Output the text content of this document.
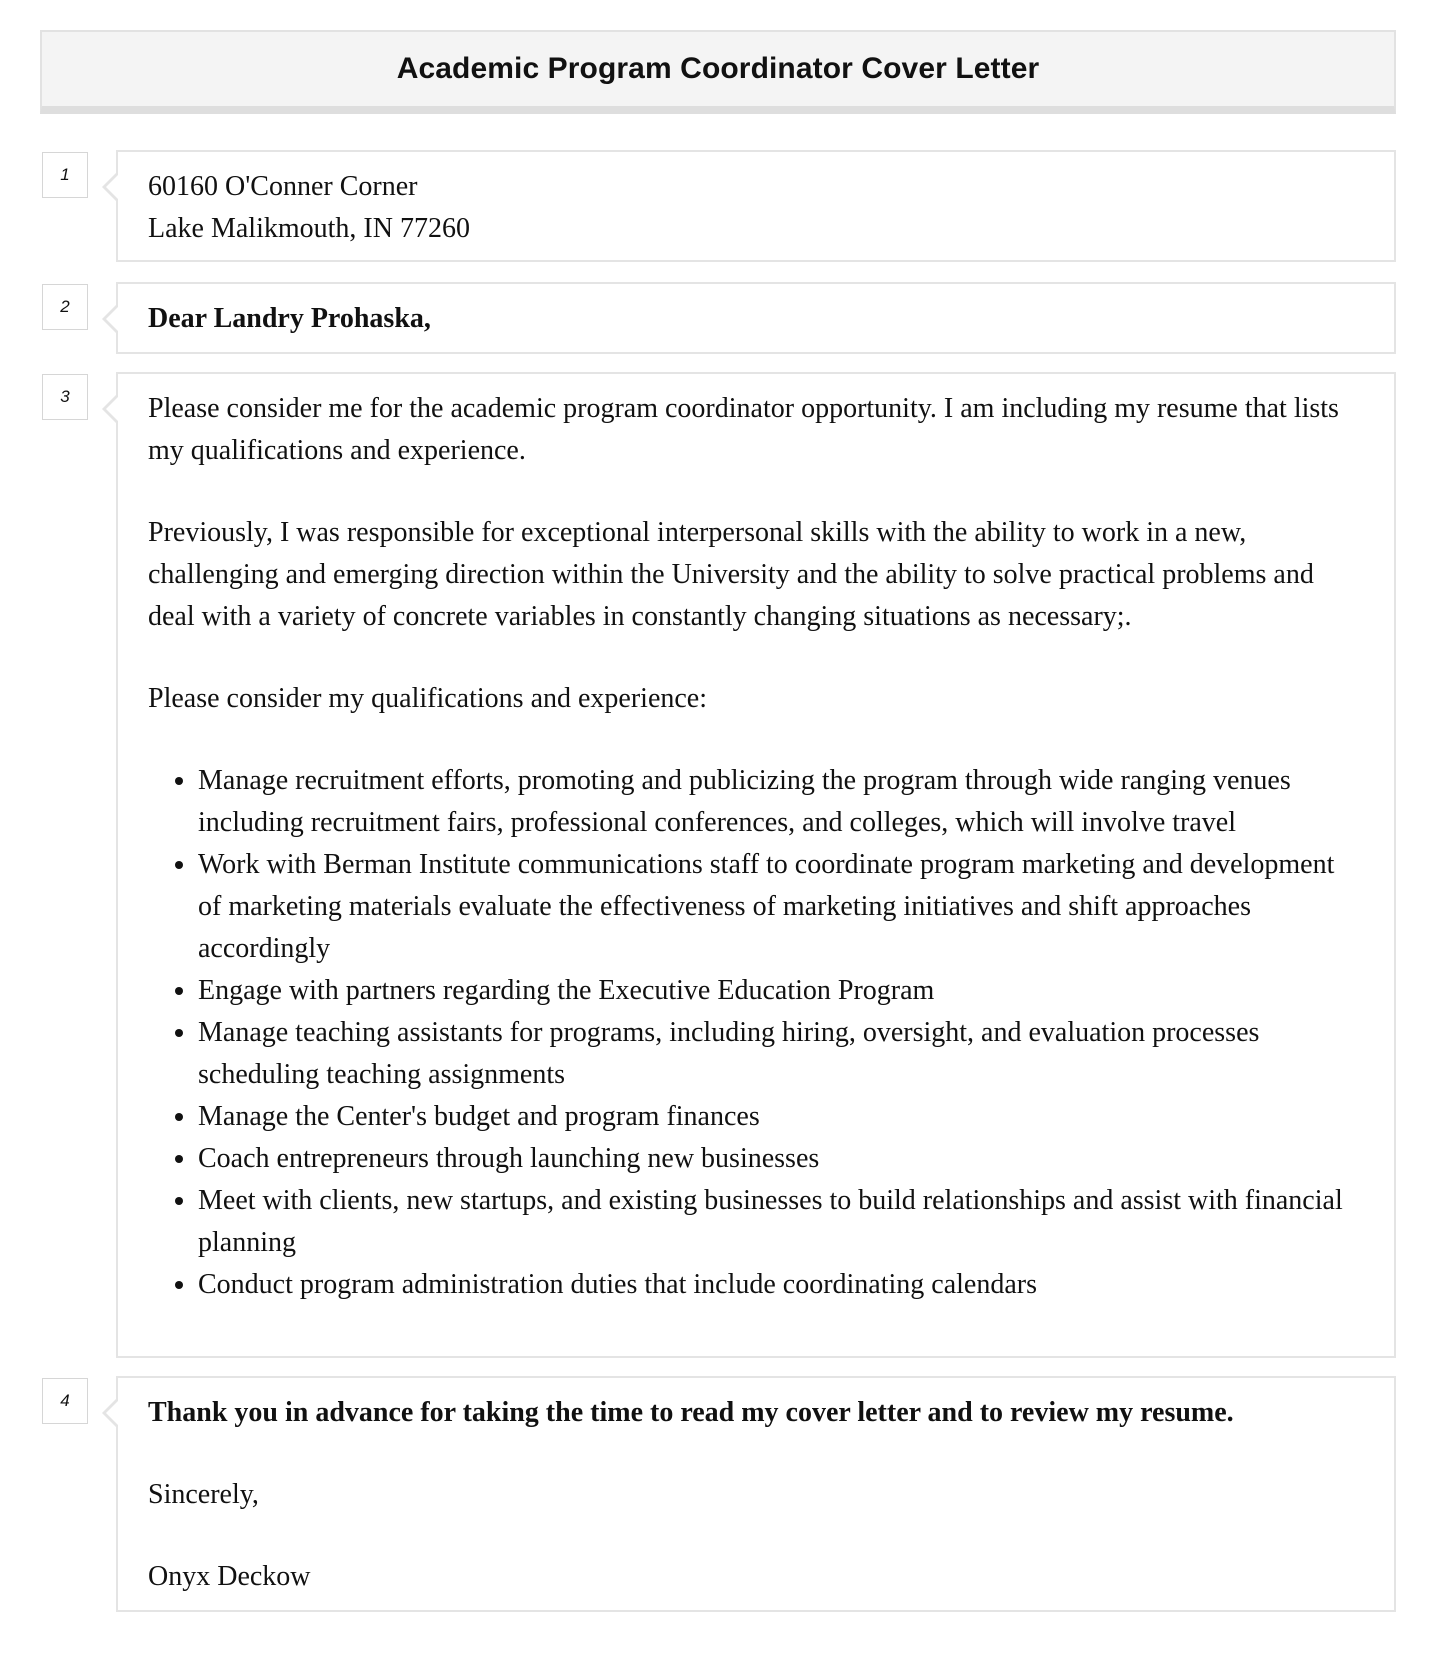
Academic Program Coordinator Cover Letter
1	60160 O'Conner Corner

Lake Malikmouth, IN 77260

2	Dear Landry Prohaska,

3	Please consider me for the academic program coordinator opportunity. I am including my resume that lists my qualifications and experience.

Previously, I was responsible for exceptional interpersonal skills with the ability to work in a new, challenging and emerging direction within the University and the ability to solve practical problems and deal with a variety of concrete variables in constantly changing situations as necessary;.

Please consider my qualifications and experience:

• Manage recruitment efforts, promoting and publicizing the program through wide ranging venues including recruitment fairs, professional conferences, and colleges, which will involve travel
• Work with Berman Institute communications staff to coordinate program marketing and development of marketing materials evaluate the effectiveness of marketing initiatives and shift approaches accordingly
• Engage with partners regarding the Executive Education Program
• Manage teaching assistants for programs, including hiring, oversight, and evaluation processes scheduling teaching assignments
• Manage the Center's budget and program finances
• Coach entrepreneurs through launching new businesses
• Meet with clients, new startups, and existing businesses to build relationships and assist with financial planning
• Conduct program administration duties that include coordinating calendars
4	Thank you in advance for taking the time to read my cover letter and to review my resume.

Sincerely,

Onyx Deckow
